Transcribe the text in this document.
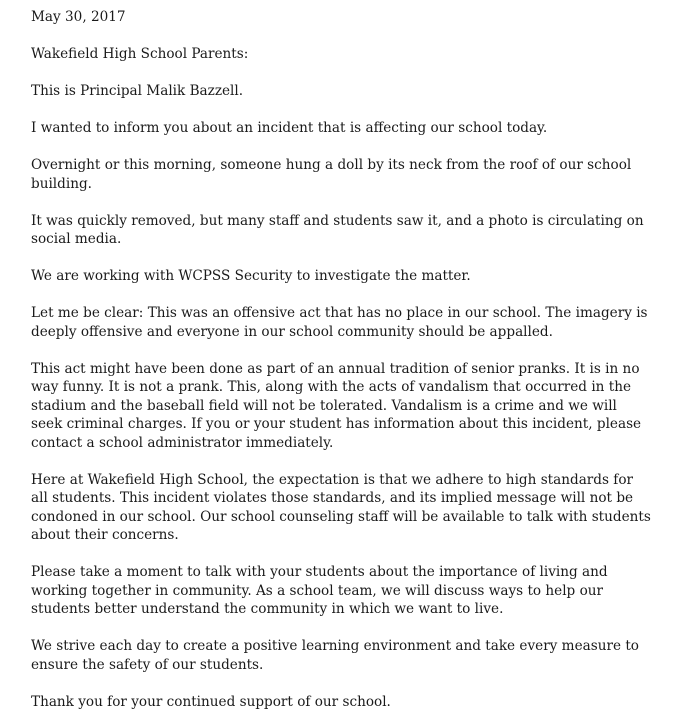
May 30, 2017

Wakefield High School Parents:

This is Principal Malik Bazzell.

I wanted to inform you about an incident that is affecting our school today.

Overnight or this morning, someone hung a doll by its neck from the roof of our school building.

It was quickly removed, but many staff and students saw it, and a photo is circulating on social media.

We are working with WCPSS Security to investigate the matter.

Let me be clear: This was an offensive act that has no place in our school. The imagery is deeply offensive and everyone in our school community should be appalled.

This act might have been done as part of an annual tradition of senior pranks. It is in no way funny. It is not a prank. This, along with the acts of vandalism that occurred in the stadium and the baseball field will not be tolerated. Vandalism is a crime and we will seek criminal charges. If you or your student has information about this incident, please contact a school administrator immediately.

Here at Wakefield High School, the expectation is that we adhere to high standards for all students. This incident violates those standards, and its implied message will not be condoned in our school. Our school counseling staff will be available to talk with students about their concerns.

Please take a moment to talk with your students about the importance of living and working together in community. As a school team, we will discuss ways to help our students better understand the community in which we want to live.

We strive each day to create a positive learning environment and take every measure to ensure the safety of our students.

Thank you for your continued support of our school.
